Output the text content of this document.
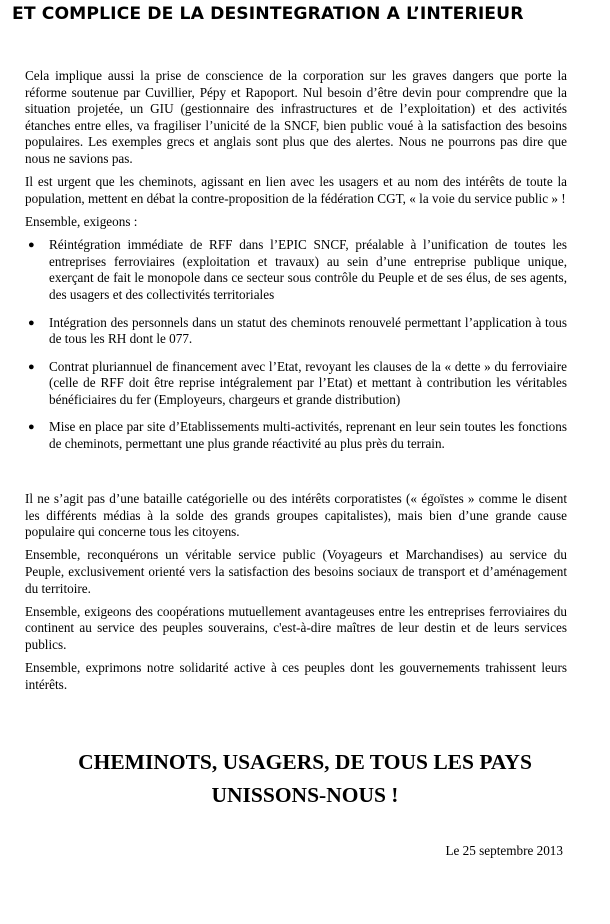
ET COMPLICE DE LA DESINTEGRATION A L’INTERIEUR

Cela implique aussi la prise de conscience de la corporation sur les graves dangers que porte la réforme soutenue par Cuvillier, Pépy et Rapoport. Nul besoin d’être devin pour comprendre que la situation projetée, un GIU (gestionnaire des infrastructures et de l’exploitation) et des activités étanches entre elles, va fragiliser l’unicité de la SNCF, bien public voué à la satisfaction des besoins populaires. Les exemples grecs et anglais sont plus que des alertes. Nous ne pourrons pas dire que nous ne savions pas.

Il est urgent que les cheminots, agissant en lien avec les usagers et au nom des intérêts de toute la population, mettent en débat la contre-proposition de la fédération CGT, « la voie du service public » !

Ensemble, exigeons :

● Réintégration immédiate de RFF dans l’EPIC SNCF, préalable à l’unification de toutes les entreprises ferroviaires (exploitation et travaux) au sein d’une entreprise publique unique, exerçant de fait le monopole dans ce secteur sous contrôle du Peuple et de ses élus, de ses agents, des usagers et des collectivités territoriales
● Intégration des personnels dans un statut des cheminots renouvelé permettant l’application à tous de tous les RH dont le 077.
● Contrat pluriannuel de financement avec l’Etat, revoyant les clauses de la « dette » du ferroviaire (celle de RFF doit être reprise intégralement par l’Etat) et mettant à contribution les véritables bénéficiaires du fer (Employeurs, chargeurs et grande distribution)
● Mise en place par site d’Etablissements multi-activités, reprenant en leur sein toutes les fonctions de cheminots, permettant une plus grande réactivité au plus près du terrain.

Il ne s’agit pas d’une bataille catégorielle ou des intérêts corporatistes (« égoïstes » comme le disent les différents médias à la solde des grands groupes capitalistes), mais bien d’une grande cause populaire qui concerne tous les citoyens.

Ensemble, reconquérons un véritable service public (Voyageurs et Marchandises) au service du Peuple, exclusivement orienté vers la satisfaction des besoins sociaux de transport et d’aménagement du territoire.

Ensemble, exigeons des coopérations mutuellement avantageuses entre les entreprises ferroviaires du continent au service des peuples souverains, c'est-à-dire maîtres de leur destin et de leurs services publics.

Ensemble, exprimons notre solidarité active à ces peuples dont les gouvernements trahissent leurs intérêts.

CHEMINOTS, USAGERS, DE TOUS LES PAYS
UNISSONS-NOUS !

Le 25 septembre 2013
